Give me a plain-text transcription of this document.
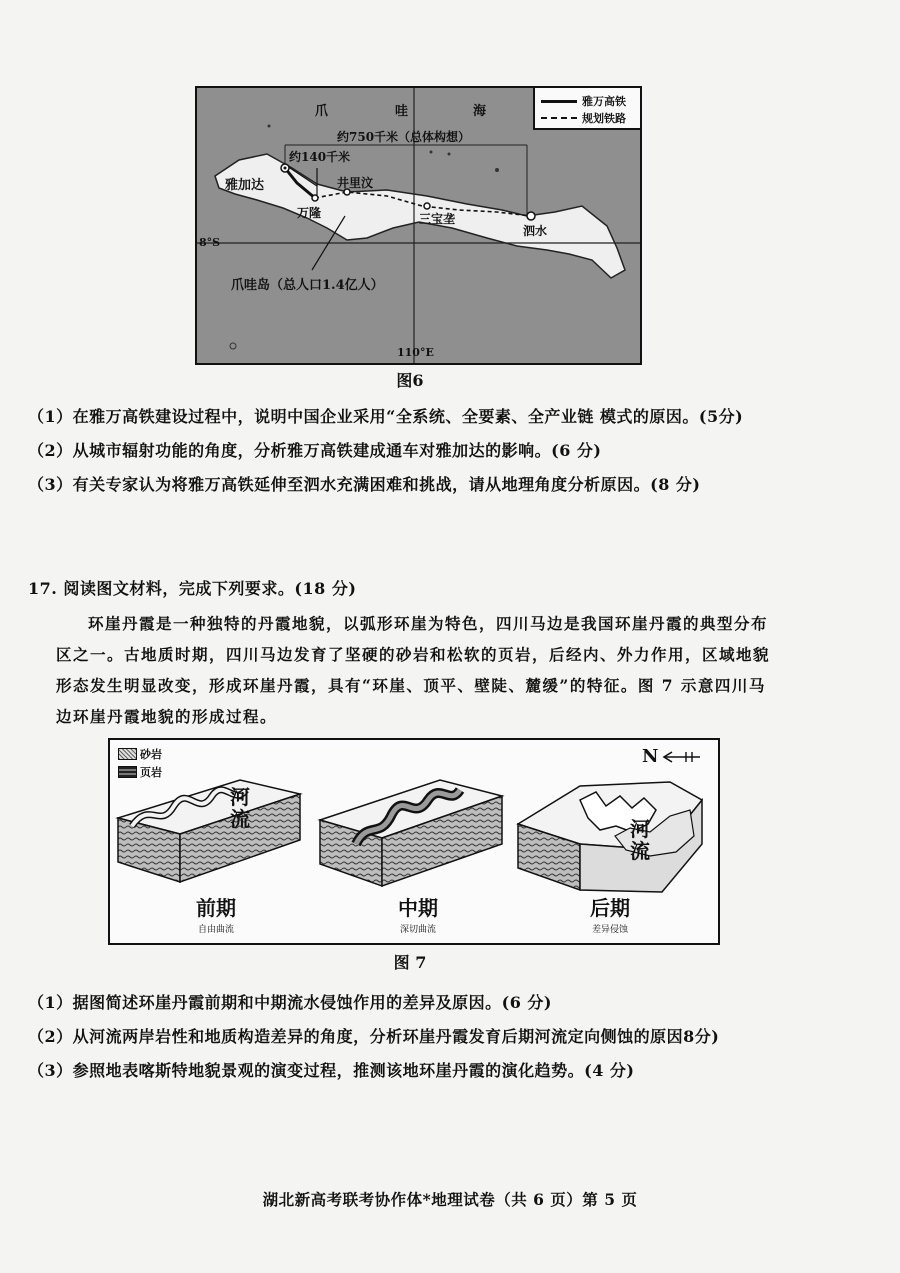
雅万高铁
规划铁路
爪	哇	海
约750千米（总体构想）
约140千米
雅加达
万隆
井里汶
三宝垄
泗水
爪哇岛（总人口1.4亿人）
8°S
110°E
图6
（1）在雅万高铁建设过程中，说明中国企业采用“全系统、全要素、全产业链 模式的原因。(5分)
（2）从城市辐射功能的角度，分析雅万高铁建成通车对雅加达的影响。(6 分)
（3）有关专家认为将雅万高铁延伸至泗水充满困难和挑战，请从地理角度分析原因。(8 分)
17. 阅读图文材料，完成下列要求。(18 分)

环崖丹霞是一种独特的丹霞地貌，以弧形环崖为特色，四川马边是我国环崖丹霞的典型分布

区之一。古地质时期，四川马边发育了坚硬的砂岩和松软的页岩，后经内、外力作用，区域地貌

形态发生明显改变，形成环崖丹霞，具有“环崖、顶平、壁陡、麓缓”的特征。图 7 示意四川马

边环崖丹霞地貌的形成过程。

砂岩
页岩
N
河
流	河
流
前期
自由曲流
中期
深切曲流
后期
差异侵蚀
图 7
（1）据图简述环崖丹霞前期和中期流水侵蚀作用的差异及原因。(6 分)
（2）从河流两岸岩性和地质构造差异的角度，分析环崖丹霞发育后期河流定向侧蚀的原因8分)
（3）参照地表喀斯特地貌景观的演变过程，推测该地环崖丹霞的演化趋势。(4 分)
湖北新高考联考协作体*地理试卷（共 6 页）第 5 页
